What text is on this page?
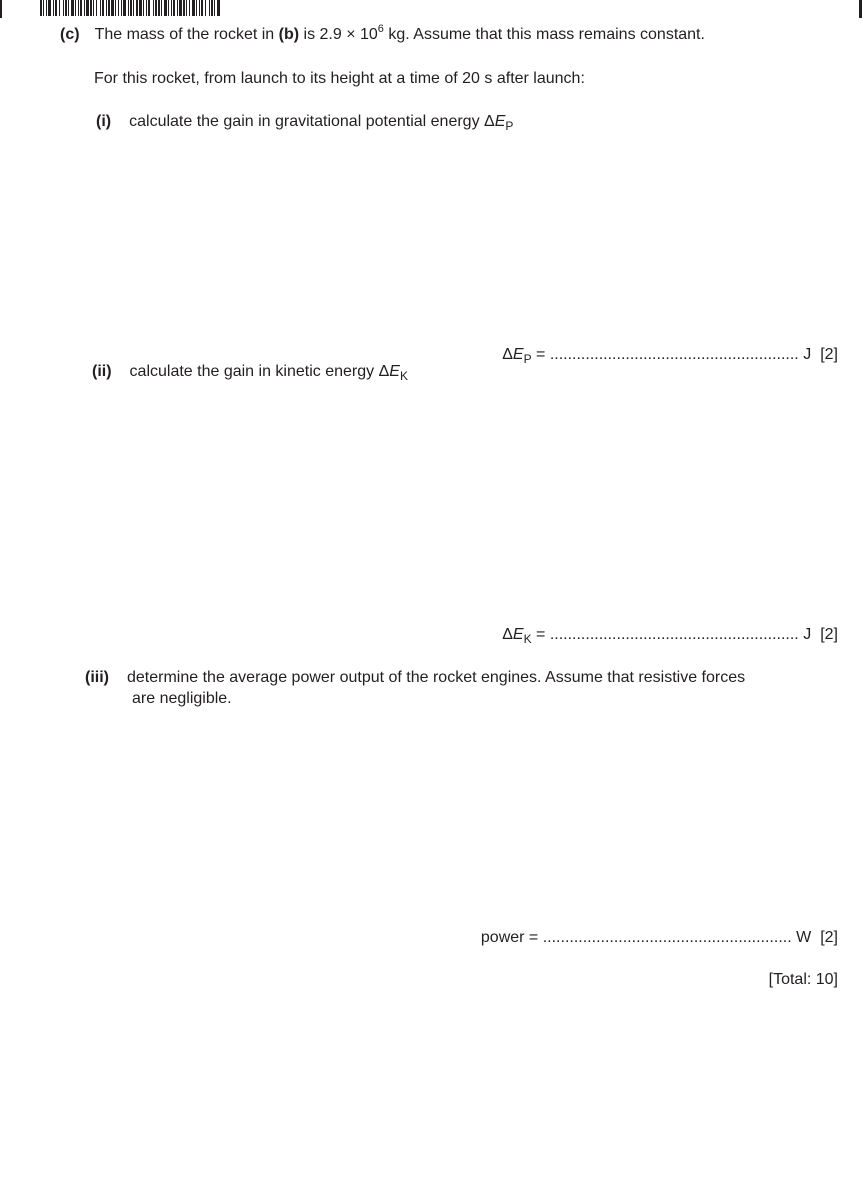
(c) The mass of the rocket in (b) is $2.9 \times 10^6$ kg. Assume that this mass remains constant.
For this rocket, from launch to its height at a time of 20 s after launch:
(i) calculate the gain in gravitational potential energy $\Delta E_P$
$\Delta E_P$ = ........................................................ J [2]
(ii) calculate the gain in kinetic energy $\Delta E_K$
$\Delta E_K$ = ........................................................ J [2]
(iii) determine the average power output of the rocket engines. Assume that resistive forces
are negligible.
power = ........................................................ W [2]
[Total: 10]
